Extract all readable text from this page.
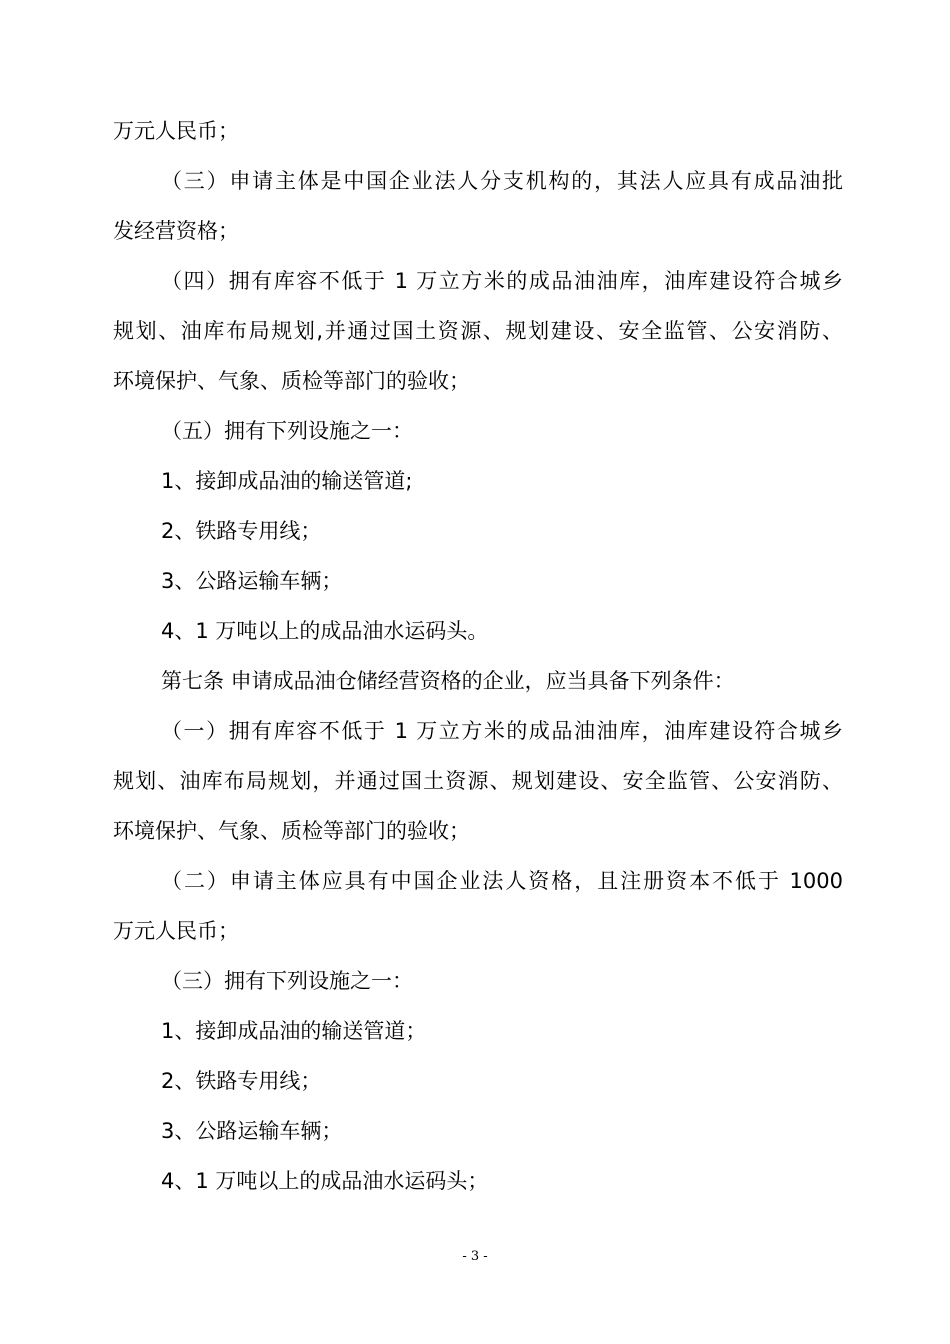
万元人民币；
（三）申请主体是中国企业法人分支机构的，其法人应具有成品油批
发经营资格；
（四）拥有库容不低于 1 万立方米的成品油油库，油库建设符合城乡
规划、油库布局规划,并通过国土资源、规划建设、安全监管、公安消防、
环境保护、气象、质检等部门的验收；
（五）拥有下列设施之一：
1、接卸成品油的输送管道;
2、铁路专用线；
3、公路运输车辆；
4、1 万吨以上的成品油水运码头。
第七条 申请成品油仓储经营资格的企业，应当具备下列条件：
（一）拥有库容不低于 1 万立方米的成品油油库，油库建设符合城乡
规划、油库布局规划，并通过国土资源、规划建设、安全监管、公安消防、
环境保护、气象、质检等部门的验收；
（二）申请主体应具有中国企业法人资格，且注册资本不低于 1000
万元人民币；
（三）拥有下列设施之一：
1、接卸成品油的输送管道；
2、铁路专用线；
3、公路运输车辆；
4、1 万吨以上的成品油水运码头；
- 3 -
